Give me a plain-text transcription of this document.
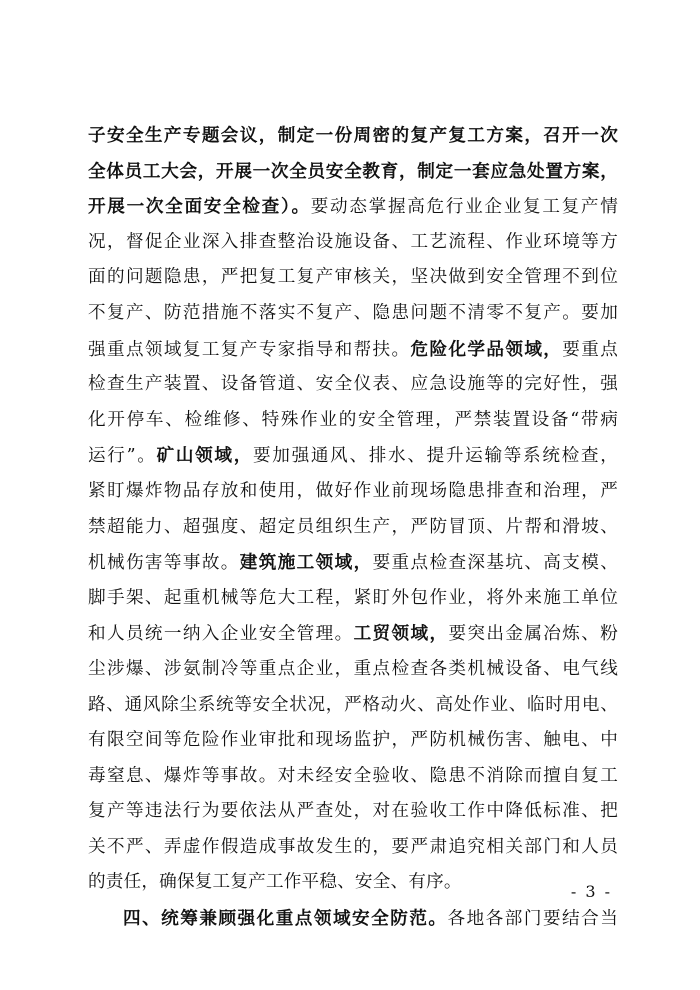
子安全生产专题会议，制定一份周密的复产复工方案，召开一次
全体员工大会，开展一次全员安全教育，制定一套应急处置方案，
开展一次全面安全检查）。要动态掌握高危行业企业复工复产情
况，督促企业深入排查整治设施设备、工艺流程、作业环境等方
面的问题隐患，严把复工复产审核关，坚决做到安全管理不到位
不复产、防范措施不落实不复产、隐患问题不清零不复产。要加
强重点领域复工复产专家指导和帮扶。危险化学品领域，要重点
检查生产装置、设备管道、安全仪表、应急设施等的完好性，强
化开停车、检维修、特殊作业的安全管理，严禁装置设备“带病
运行”。矿山领域，要加强通风、排水、提升运输等系统检查，
紧盯爆炸物品存放和使用，做好作业前现场隐患排查和治理，严
禁超能力、超强度、超定员组织生产，严防冒顶、片帮和滑坡、
机械伤害等事故。建筑施工领域，要重点检查深基坑、高支模、
脚手架、起重机械等危大工程，紧盯外包作业，将外来施工单位
和人员统一纳入企业安全管理。工贸领域，要突出金属冶炼、粉
尘涉爆、涉氨制冷等重点企业，重点检查各类机械设备、电气线
路、通风除尘系统等安全状况，严格动火、高处作业、临时用电、
有限空间等危险作业审批和现场监护，严防机械伤害、触电、中
毒窒息、爆炸等事故。对未经安全验收、隐患不消除而擅自复工
复产等违法行为要依法从严查处，对在验收工作中降低标准、把
关不严、弄虚作假造成事故发生的，要严肃追究相关部门和人员
的责任，确保复工复产工作平稳、安全、有序。
四、统筹兼顾强化重点领域安全防范。各地各部门要结合当
- 3 -
